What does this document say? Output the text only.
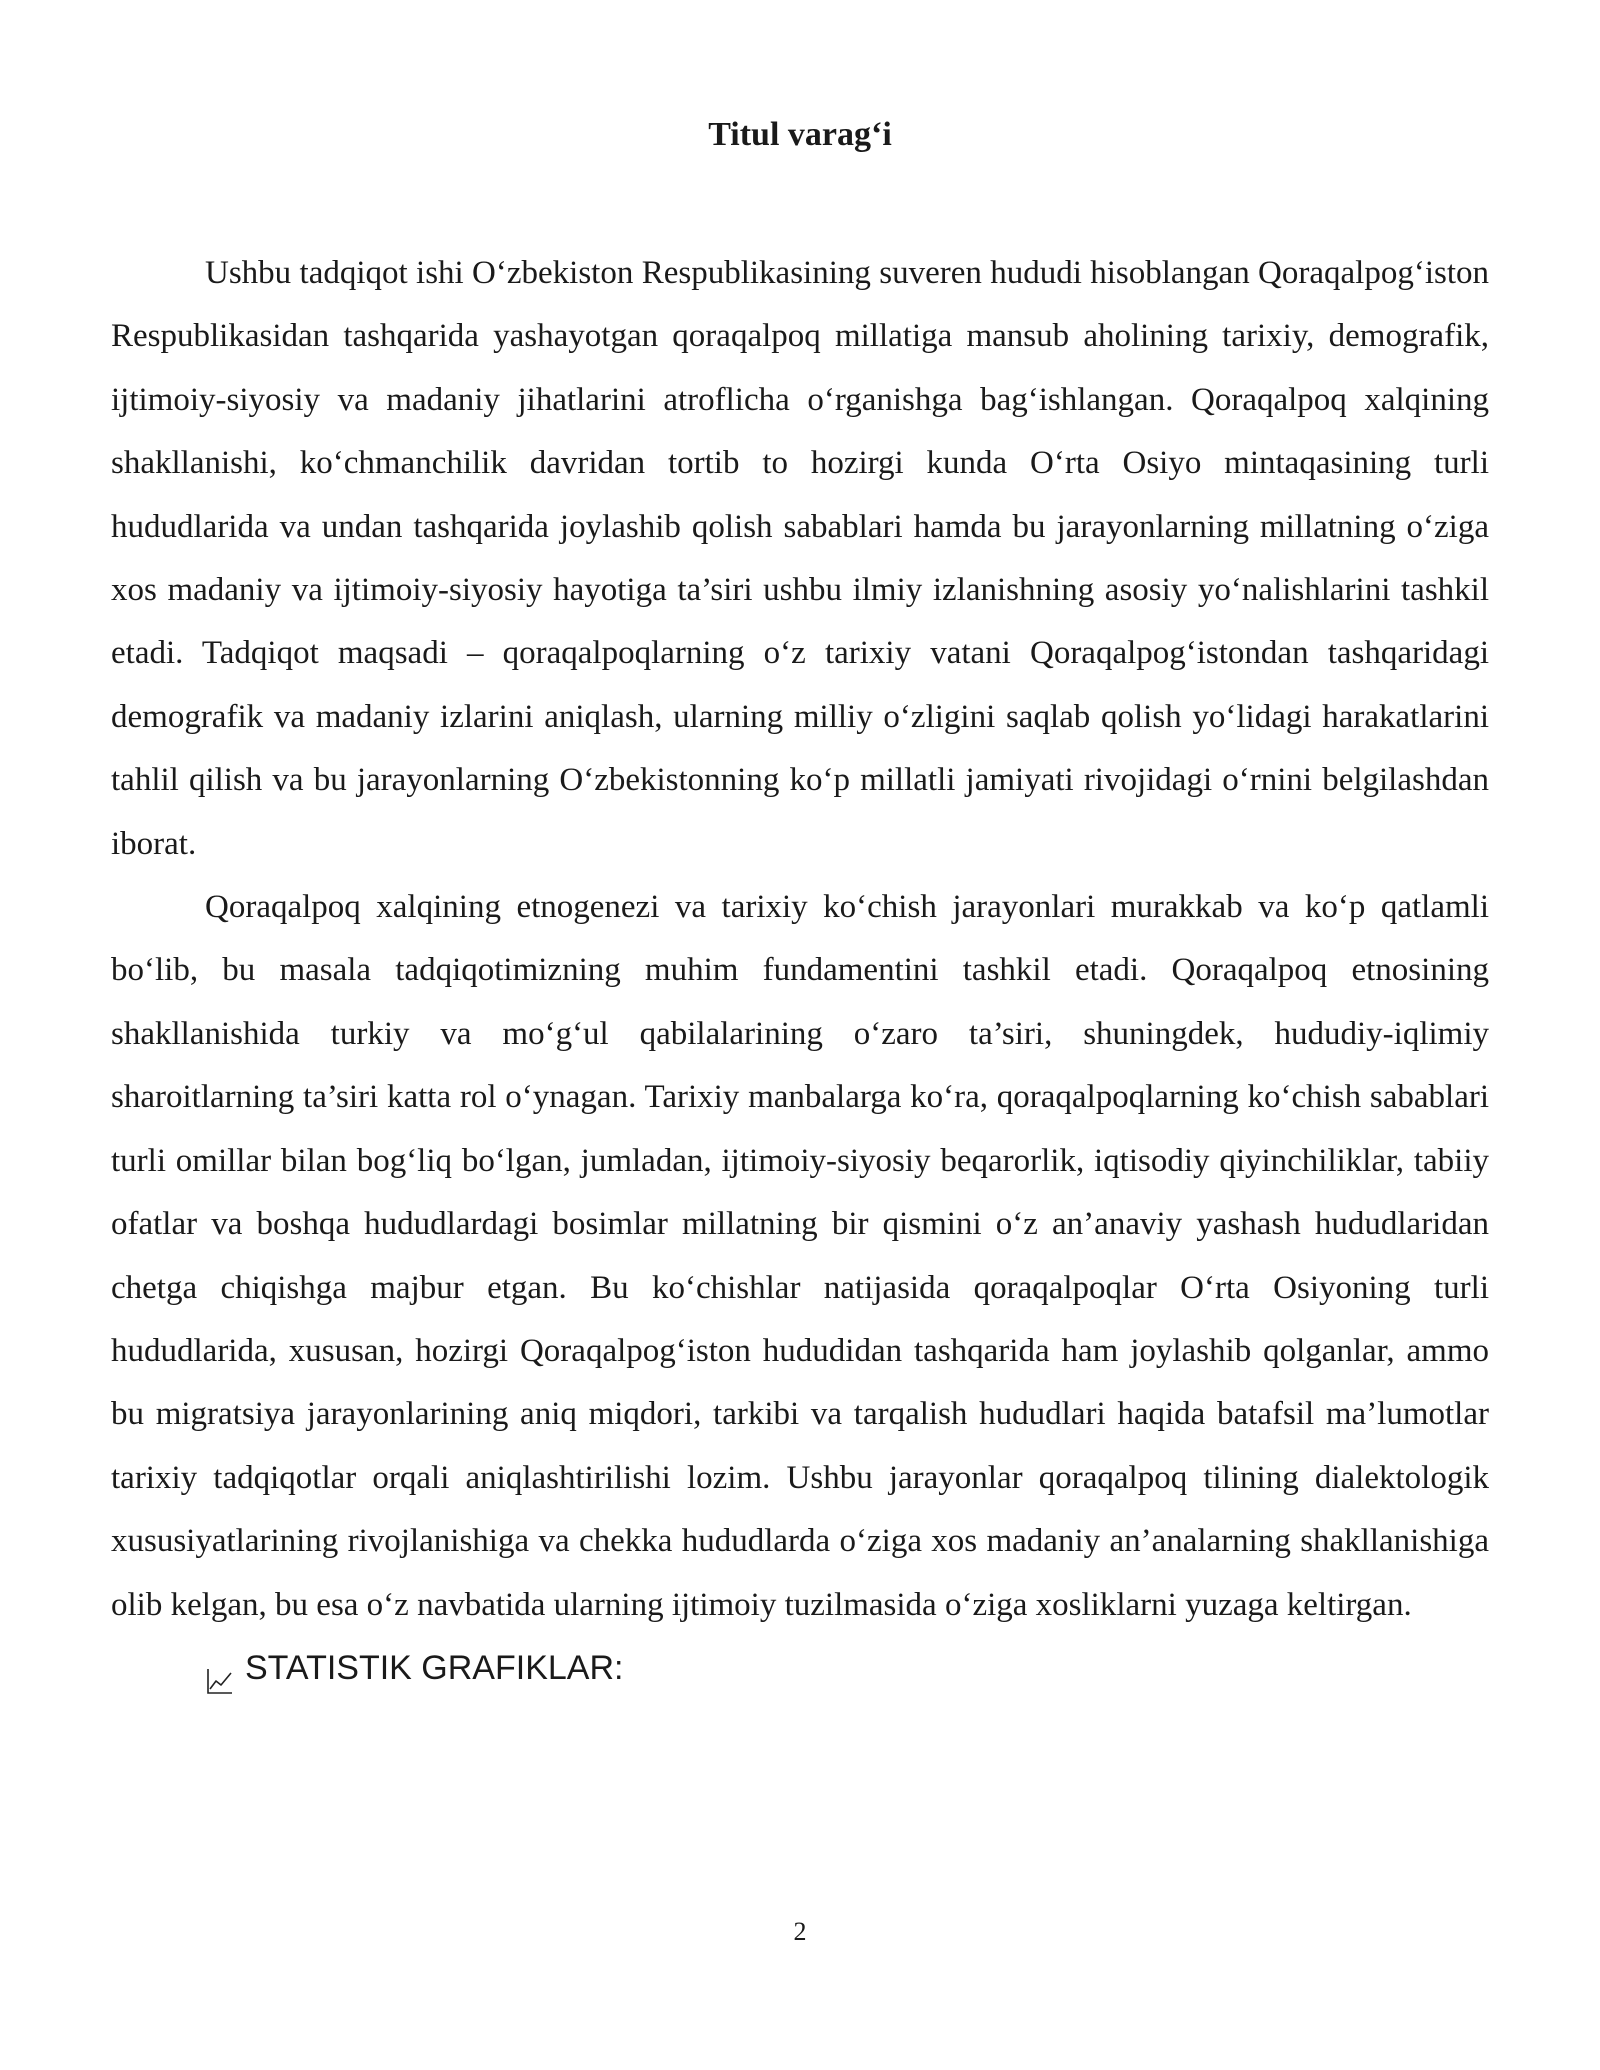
Titul varag‘i

Ushbu tadqiqot ishi O‘zbekiston Respublikasining suveren hududi hisoblangan Qoraqalpog‘iston Respublikasidan tashqarida yashayotgan qoraqalpoq millatiga mansub aholining tarixiy, demografik, ijtimoiy-siyosiy va madaniy jihatlarini atroflicha o‘rganishga bag‘ishlangan. Qoraqalpoq xalqining shakllanishi, ko‘chmanchilik davridan tortib to hozirgi kunda O‘rta Osiyo mintaqasining turli hududlarida va undan tashqarida joylashib qolish sabablari hamda bu jarayonlarning millatning o‘ziga xos madaniy va ijtimoiy-siyosiy hayotiga ta’siri ushbu ilmiy izlanishning asosiy yo‘nalishlarini tashkil etadi. Tadqiqot maqsadi – qoraqalpoqlarning o‘z tarixiy vatani Qoraqalpog‘istondan tashqaridagi demografik va madaniy izlarini aniqlash, ularning milliy o‘zligini saqlab qolish yo‘lidagi harakatlarini tahlil qilish va bu jarayonlarning O‘zbekistonning ko‘p millatli jamiyati rivojidagi o‘rnini belgilashdan iborat.

Qoraqalpoq xalqining etnogenezi va tarixiy ko‘chish jarayonlari murakkab va ko‘p qatlamli bo‘lib, bu masala tadqiqotimizning muhim fundamentini tashkil etadi. Qoraqalpoq etnosining shakllanishida turkiy va mo‘g‘ul qabilalarining o‘zaro ta’siri, shuningdek, hududiy-iqlimiy sharoitlarning ta’siri katta rol o‘ynagan. Tarixiy manbalarga ko‘ra, qoraqalpoqlarning ko‘chish sabablari turli omillar bilan bog‘liq bo‘lgan, jumladan, ijtimoiy-siyosiy beqarorlik, iqtisodiy qiyinchiliklar, tabiiy ofatlar va boshqa hududlardagi bosimlar millatning bir qismini o‘z an’anaviy yashash hududlaridan chetga chiqishga majbur etgan. Bu ko‘chishlar natijasida qoraqalpoqlar O‘rta Osiyoning turli hududlarida, xususan, hozirgi Qoraqalpog‘iston hududidan tashqarida ham joylashib qolganlar, ammo bu migratsiya jarayonlarining aniq miqdori, tarkibi va tarqalish hududlari haqida batafsil ma’lumotlar tarixiy tadqiqotlar orqali aniqlashtirilishi lozim. Ushbu jarayonlar qoraqalpoq tilining dialektologik xususiyatlarining rivojlanishiga va chekka hududlarda o‘ziga xos madaniy an’analarning shakllanishiga olib kelgan, bu esa o‘z navbatida ularning ijtimoiy tuzilmasida o‘ziga xosliklarni yuzaga keltirgan.

STATISTIK GRAFIKLAR:
2
